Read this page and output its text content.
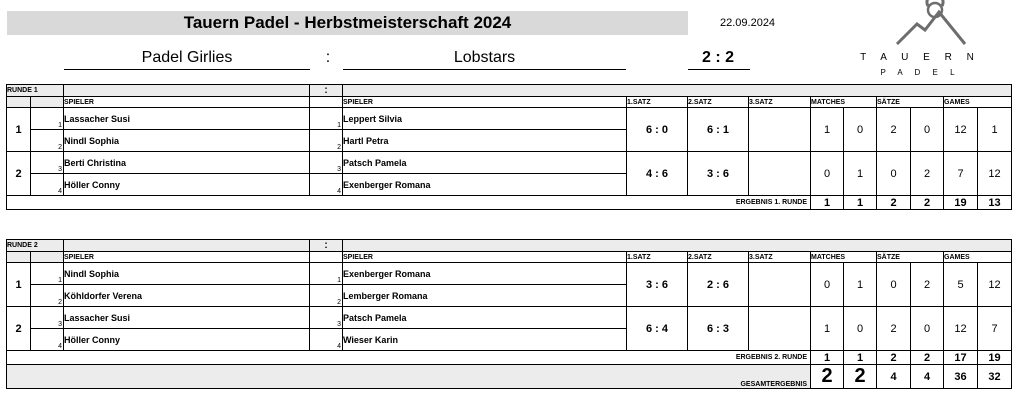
Tauern Padel - Herbstmeisterschaft 2024	22.09.2024
Padel Girlies	:	Lobstars	2 : 2	T A U E R N
P A D E L
RUNDE 1			:										
		SPIELER		SPIELER	1.SATZ	2.SATZ	3.SATZ	MATCHES		SÄTZE		GAMES	
1	1	Lassacher Susi	1	Leppert Silvia	6 : 0	6 : 1		1	0	2	0	12	1
	2	Nindl Sophia	2	Hartl Petra									
2	3	Berti Christina	3	Patsch Pamela	4 : 6	3 : 6		0	1	0	2	7	12
	4	Höller Conny	4	Exenberger Romana									
ERGEBNIS 1. RUNDE								1	1	2	2	19	13
RUNDE 2			:										
		SPIELER		SPIELER	1.SATZ	2.SATZ	3.SATZ	MATCHES		SÄTZE		GAMES	
1	1	Nindl Sophia	1	Exenberger Romana	3 : 6	2 : 6		0	1	0	2	5	12
	2	Köhldorfer Verena	2	Lemberger Romana									
2	3	Lassacher Susi	3	Patsch Pamela	6 : 4	6 : 3		1	0	2	0	12	7
	4	Höller Conny	4	Wieser Karin									
ERGEBNIS 2. RUNDE								1	1	2	2	17	19
GESAMTERGEBNIS								2	2	4	4	36	32
